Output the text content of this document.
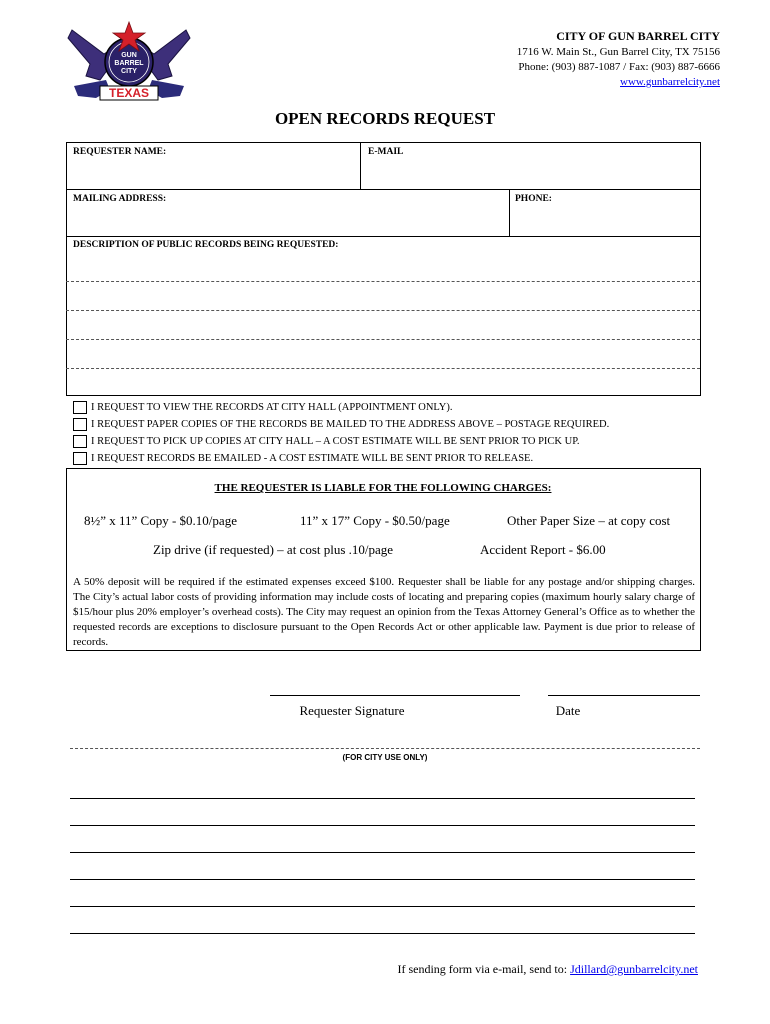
GUN
BARREL
CITY
TEXAS
CITY OF GUN BARREL CITY
1716 W. Main St., Gun Barrel City, TX 75156
Phone: (903) 887-1087 / Fax: (903) 887-6666
www.gunbarrelcity.net
OPEN RECORDS REQUEST
REQUESTER NAME:	E-MAIL
MAILING ADDRESS:	PHONE:
DESCRIPTION OF PUBLIC RECORDS BEING REQUESTED:
I REQUEST TO VIEW THE RECORDS AT CITY HALL (APPOINTMENT ONLY).
I REQUEST PAPER COPIES OF THE RECORDS BE MAILED TO THE ADDRESS ABOVE – POSTAGE REQUIRED.
I REQUEST TO PICK UP COPIES AT CITY HALL – A COST ESTIMATE WILL BE SENT PRIOR TO PICK UP.
I REQUEST RECORDS BE EMAILED - A COST ESTIMATE WILL BE SENT PRIOR TO RELEASE.
THE REQUESTER IS LIABLE FOR THE FOLLOWING CHARGES:
8½” x 11” Copy - $0.10/page	11” x 17” Copy - $0.50/page	Other Paper Size – at copy cost
Zip drive (if requested) – at cost plus .10/page	Accident Report - $6.00
A 50% deposit will be required if the estimated expenses exceed $100. Requester shall be liable for any postage and/or shipping charges. The City’s actual labor costs of providing information may include costs of locating and preparing copies (maximum hourly salary charge of $15/hour plus 20% employer’s overhead costs). The City may request an opinion from the Texas Attorney General’s Office as to whether the requested records are exceptions to disclosure pursuant to the Open Records Act or other applicable law. Payment is due prior to release of records.
Requester Signature	Date
(FOR CITY USE ONLY)
If sending form via e-mail, send to: Jdillard@gunbarrelcity.net
